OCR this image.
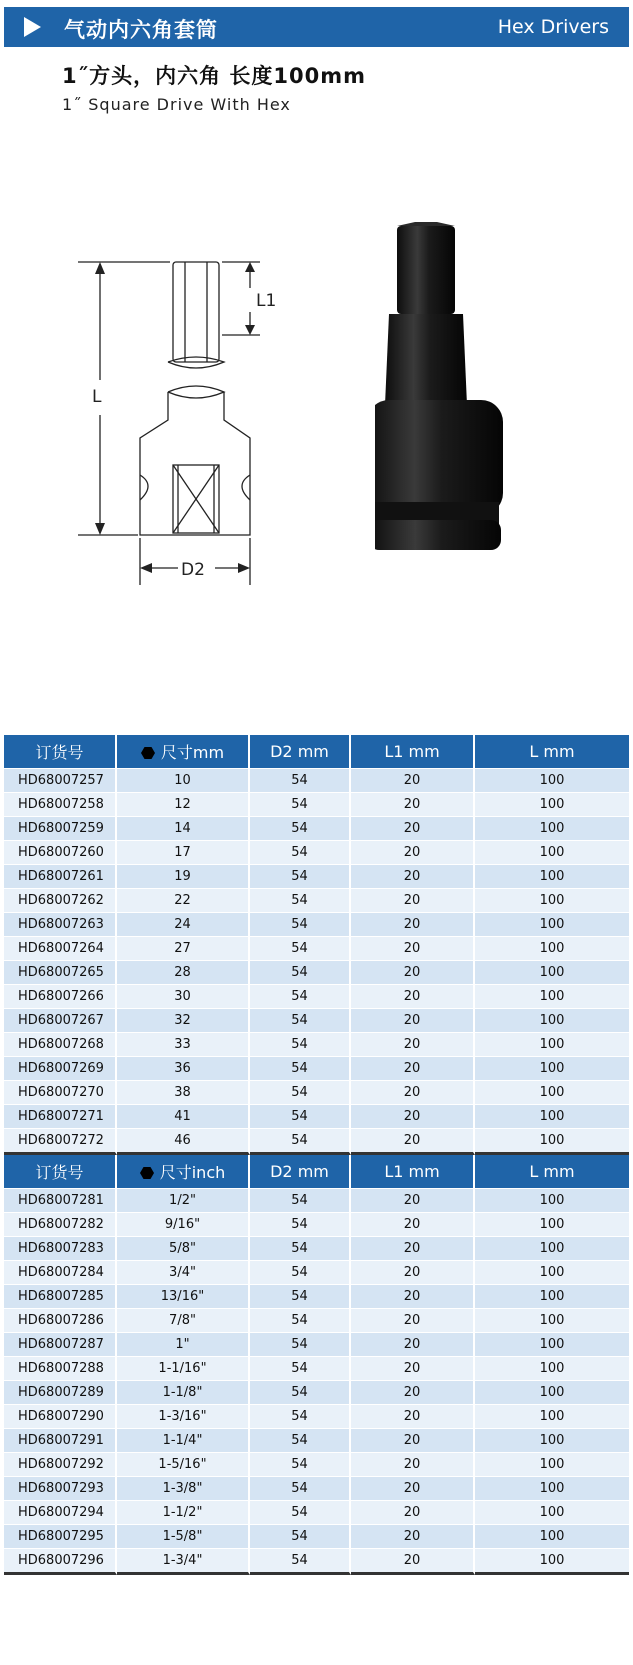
气动内六角套筒	Hex Drivers
1˝方头，内六角 长度100mm
1˝ Square Drive With Hex
L
L1
D2
订货号	尺寸mm	D2 mm	L1 mm	L mm
HD68007257	10	54	20	100
HD68007258	12	54	20	100
HD68007259	14	54	20	100
HD68007260	17	54	20	100
HD68007261	19	54	20	100
HD68007262	22	54	20	100
HD68007263	24	54	20	100
HD68007264	27	54	20	100
HD68007265	28	54	20	100
HD68007266	30	54	20	100
HD68007267	32	54	20	100
HD68007268	33	54	20	100
HD68007269	36	54	20	100
HD68007270	38	54	20	100
HD68007271	41	54	20	100
HD68007272	46	54	20	100
订货号	尺寸inch	D2 mm	L1 mm	L mm
HD68007281	1/2"	54	20	100
HD68007282	9/16"	54	20	100
HD68007283	5/8"	54	20	100
HD68007284	3/4"	54	20	100
HD68007285	13/16"	54	20	100
HD68007286	7/8"	54	20	100
HD68007287	1"	54	20	100
HD68007288	1-1/16"	54	20	100
HD68007289	1-1/8"	54	20	100
HD68007290	1-3/16"	54	20	100
HD68007291	1-1/4"	54	20	100
HD68007292	1-5/16"	54	20	100
HD68007293	1-3/8"	54	20	100
HD68007294	1-1/2"	54	20	100
HD68007295	1-5/8"	54	20	100
HD68007296	1-3/4"	54	20	100
